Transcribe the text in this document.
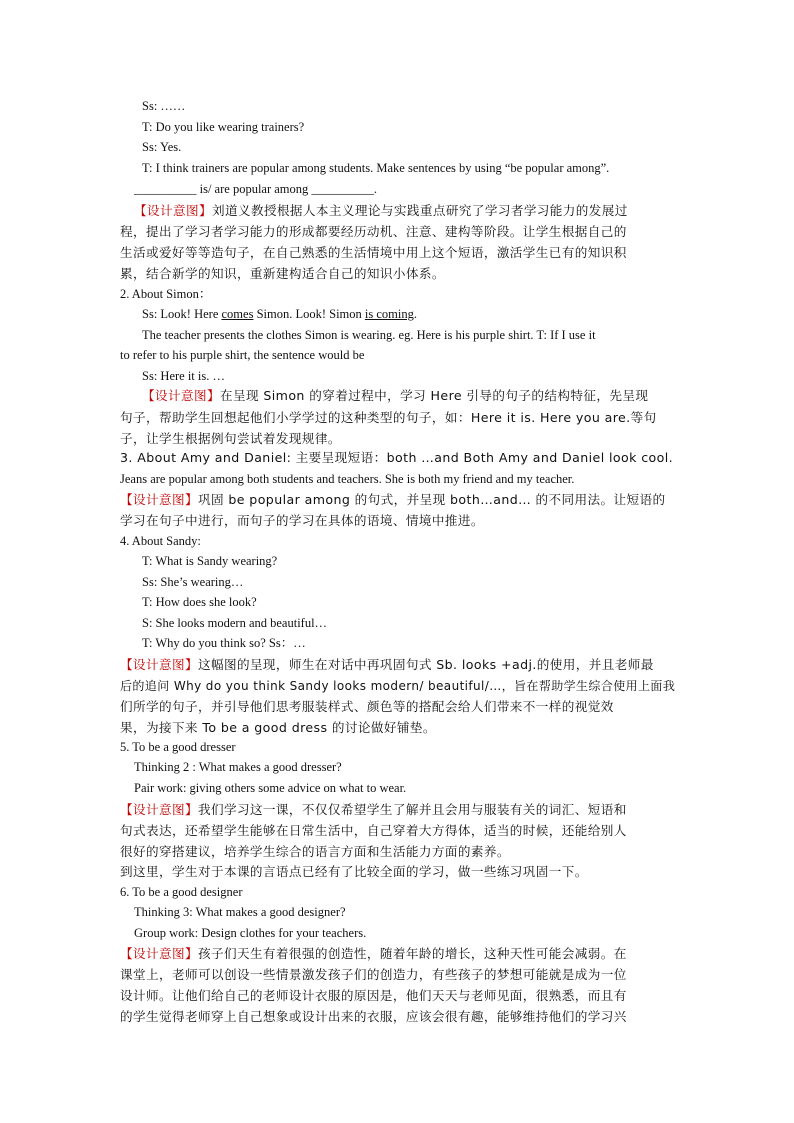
Ss: ……
T: Do you like wearing trainers?
Ss: Yes.
T: I think trainers are popular among students. Make sentences by using “be popular among”.
__________ is/ are popular among __________.
【设计意图】刘道义教授根据人本主义理论与实践重点研究了学习者学习能力的发展过
程，提出了学习者学习能力的形成都要经历动机、注意、建构等阶段。让学生根据自己的
生活或爱好等等造句子，在自己熟悉的生活情境中用上这个短语，激活学生已有的知识积
累，结合新学的知识，重新建构适合自己的知识小体系。
2. About Simon：
Ss: Look! Here comes Simon. Look! Simon is coming.
The teacher presents the clothes Simon is wearing. eg. Here is his purple shirt. T: If I use it
to refer to his purple shirt, the sentence would be
Ss: Here it is. …
【设计意图】在呈现 Simon 的穿着过程中，学习 Here 引导的句子的结构特征，先呈现
句子，帮助学生回想起他们小学学过的这种类型的句子，如：Here it is. Here you are.等句
子，让学生根据例句尝试着发现规律。
3. About Amy and Daniel: 主要呈现短语：both …and Both Amy and Daniel look cool.
Jeans are popular among both students and teachers. She is both my friend and my teacher.
【设计意图】巩固 be popular among 的句式，并呈现 both…and… 的不同用法。让短语的
学习在句子中进行，而句子的学习在具体的语境、情境中推进。
4. About Sandy:
T: What is Sandy wearing?
Ss: She’s wearing…
T: How does she look?
S: She looks modern and beautiful…
T: Why do you think so? Ss：…
【设计意图】这幅图的呈现，师生在对话中再巩固句式 Sb. looks +adj.的使用，并且老师最
后的追问 Why do you think Sandy looks modern/ beautiful/…，旨在帮助学生综合使用上面我
们所学的句子，并引导他们思考服装样式、颜色等的搭配会给人们带来不一样的视觉效
果，为接下来 To be a good dress 的讨论做好铺垫。
5. To be a good dresser
Thinking 2 : What makes a good dresser?
Pair work: giving others some advice on what to wear.
【设计意图】我们学习这一课，不仅仅希望学生了解并且会用与服装有关的词汇、短语和
句式表达，还希望学生能够在日常生活中，自己穿着大方得体，适当的时候，还能给别人
很好的穿搭建议，培养学生综合的语言方面和生活能力方面的素养。
到这里，学生对于本课的言语点已经有了比较全面的学习，做一些练习巩固一下。
6. To be a good designer
Thinking 3: What makes a good designer?
Group work: Design clothes for your teachers.
【设计意图】孩子们天生有着很强的创造性，随着年龄的增长，这种天性可能会减弱。在
课堂上，老师可以创设一些情景激发孩子们的创造力，有些孩子的梦想可能就是成为一位
设计师。让他们给自己的老师设计衣服的原因是，他们天天与老师见面，很熟悉，而且有
的学生觉得老师穿上自己想象或设计出来的衣服，应该会很有趣，能够维持他们的学习兴
